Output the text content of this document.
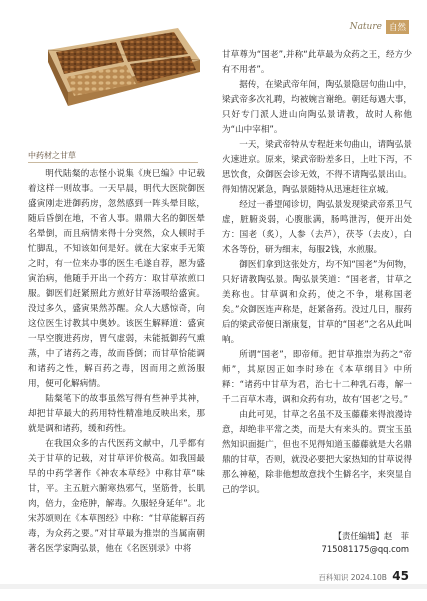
Nature 自然
中药材之甘草

明代陆粲的志怪小说集《庚巳编》中记载着这样一则故事。一天早晨，明代大医院御医盛寅刚走进御药房，忽然感到一阵头晕目眩，随后昏倒在地，不省人事。鼎鼎大名的御医晕名晕倒，而且病情来得十分突然，众人顿时手忙脚乱，不知该如何是好。就在大家束手无策之时，有一位来办事的医生毛遂自荐，愿为盛寅治病，他随手开出一个药方：取甘草浓煎口服。御医们赶紧照此方煎好甘草汤喂给盛寅。没过多久，盛寅果然苏醒。众人大感惊奇，向这位医生讨教其中奥妙。该医生解释道：盛寅一早空腹进药房，胃气虚弱，未能抵御药气熏蒸，中了诸药之毒，故而昏倒；而甘草恰能调和诸药之性，解百药之毒，因而用之煎汤服用，便可化解病情。

陆粲笔下的故事虽然写得有些神乎其神，却把甘草最大的药用特性精准地反映出来，那就是调和诸药，缓和药性。

在我国众多的古代医药文献中，几乎都有关于甘草的记载，对甘草评价极高。如我国最早的中药学著作《神农本草经》中称甘草“味甘，平。主五脏六腑寒热邪气，坚筋骨，长肌肉，倍力，金疮肿，解毒。久服轻身延年”。北宋苏颂则在《本草图经》中称：“甘草能解百药毒，为众药之要。”对甘草最为推崇的当属南朝著名医学家陶弘景，他在《名医别录》中将

甘草尊为“国老”,并称“此草最为众药之王，经方少有不用者”。

据传，在梁武帝年间，陶弘景隐居句曲山中，梁武帝多次礼聘，均被婉言谢绝。朝廷每遇大事，只好专门派人进山向陶弘景请教，故时人称他为“山中宰相”。

一天，梁武帝特从专程赶来句曲山，请陶弘景火速进京。原来，梁武帝盼差多日，上吐下泻，不思饮食，众御医会诊无效，不得不请陶弘景出山。得知情况紧急，陶弘景随特从迅速赶往京城。

经过一番望闻诊切，陶弘景发现梁武帝系卫气虚，脏腑炎弱，心腹胀满，肠鸣泄泻，便开出处方：国老（炙），人参（去芦），茯苓（去皮），白术各等份，研为细末，每服2钱，水煎服。

御医们拿到这张处方，均不知“国老”为何物，只好请教陶弘景。陶弘景笑道：“国老者，甘草之美称也。甘草调和众药，使之不争，堪称国老矣。”众御医连声称是，赶紧备药。没过几日，服药后的梁武帝便日渐康复，甘草的“国老”之名从此叫响。

所谓“国老”，即帝师。把甘草推崇为药之“帝师”，其原因正如李时珍在《本草纲目》中所释：“诸药中甘草为君，治七十二种乳石毒，解一千二百草木毒，调和众药有功，故有‘国老’之号。”

由此可见，甘草之名虽不及玉藤藤来得浪漫诗意，却绝非平常之类，而是大有来头的。贾宝玉虽然知识面挺广，但也不见得知道玉藤藤就是大名鼎鼎的甘草，否则，就没必要把大家热知的甘草说得那么神秘，除非他想故意找个生僻名字，来突显自己的学识。

【责任编辑】赵　菲
715081175@qq.com
百科知识 2024.10B 45
